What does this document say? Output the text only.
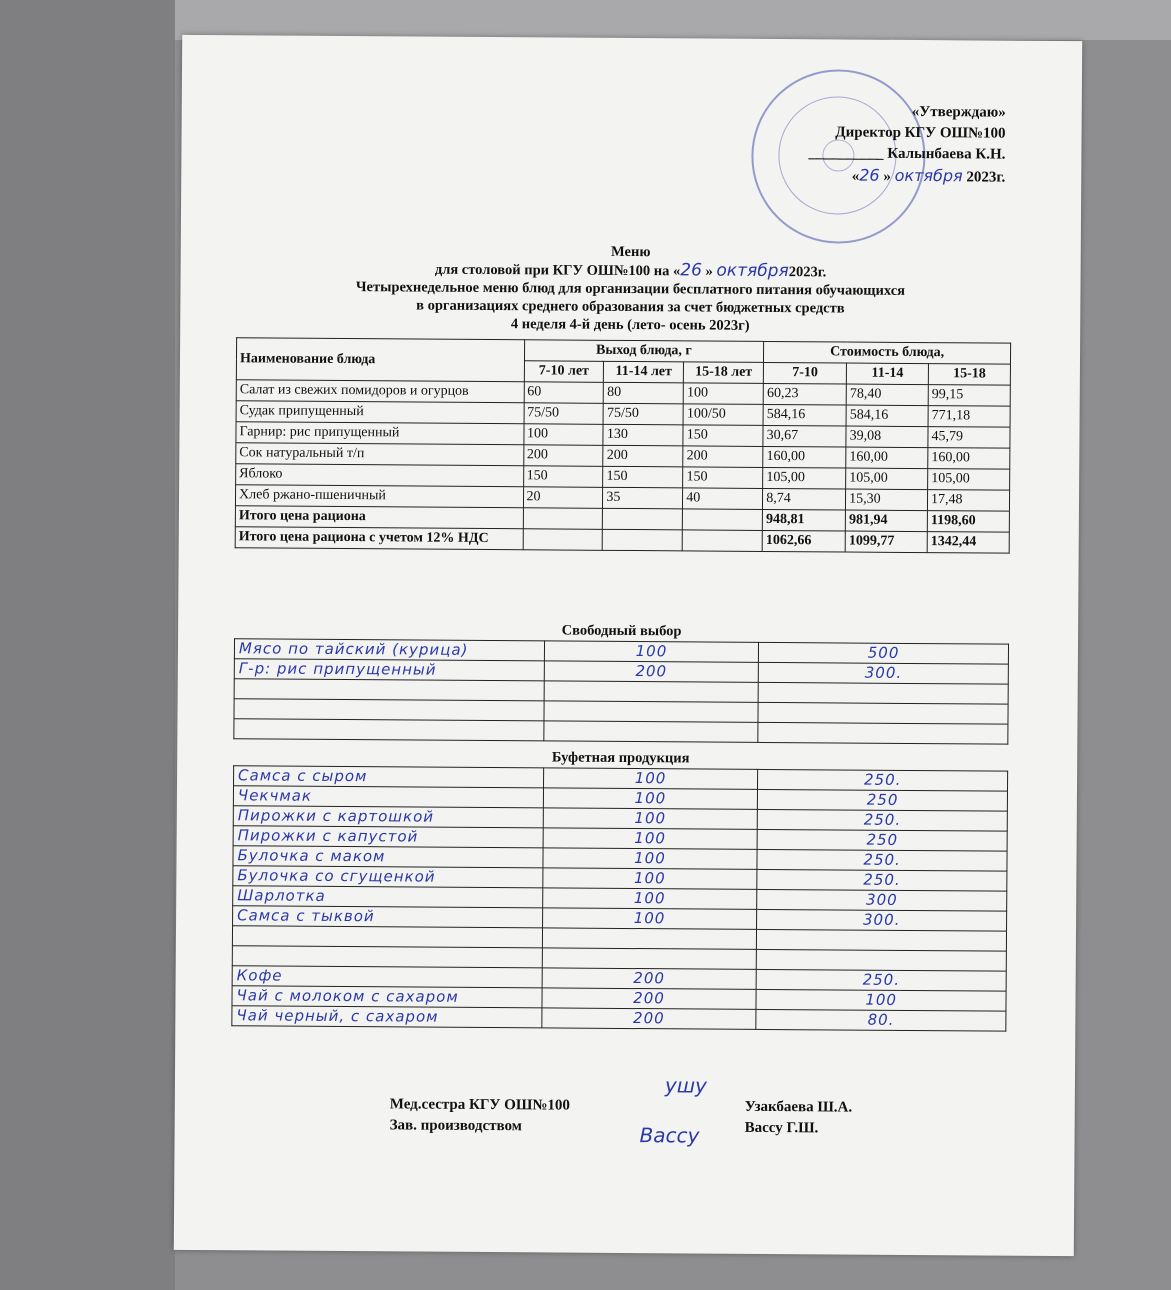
«Утверждаю»
Директор КГУ ОШ№100
__________ Калынбаева К.Н.
«26 » октября 2023г.
Меню
для столовой при КГУ ОШ№100 на «26 » октября2023г.
Четырехнедельное меню блюд для организации бесплатного питания обучающихся
в организациях среднего образования за счет бюджетных средств
4 неделя 4-й день (лето- осень 2023г)
Наименование блюда	Выход блюда, г			Стоимость блюда,		
	7-10 лет	11-14 лет	15-18 лет	7-10	11-14	15-18
Салат из свежих помидоров и огурцов	60	80	100	60,23	78,40	99,15
Судак припущенный	75/50	75/50	100/50	584,16	584,16	771,18
Гарнир: рис припущенный	100	130	150	30,67	39,08	45,79
Сок натуральный т/п	200	200	200	160,00	160,00	160,00
Яблоко	150	150	150	105,00	105,00	105,00
Хлеб ржано-пшеничный	20	35	40	8,74	15,30	17,48
Итого цена рациона				948,81	981,94	1198,60
Итого цена рациона с учетом 12% НДС				1062,66	1099,77	1342,44
Свободный выбор
Мясо по тайский (курица)	100	500
Г-р: рис припущенный	200	300.

Буфетная продукция
Самса с сыром	100	250.
Чекчмак	100	250
Пирожки с картошкой	100	250.
Пирожки с капустой	100	250
Булочка с маком	100	250.
Булочка со сгущенкой	100	250.
Шарлотка	100	300
Самса с тыквой	100	300.

Кофе	200	250.
Чай с молоком с сахаром	200	100
Чай черный, с сахаром	200	80.
Мед.сестра КГУ ОШ№100
Зав. производством
ушу
Вассу
Узакбаева Ш.А.
Вассу Г.Ш.
